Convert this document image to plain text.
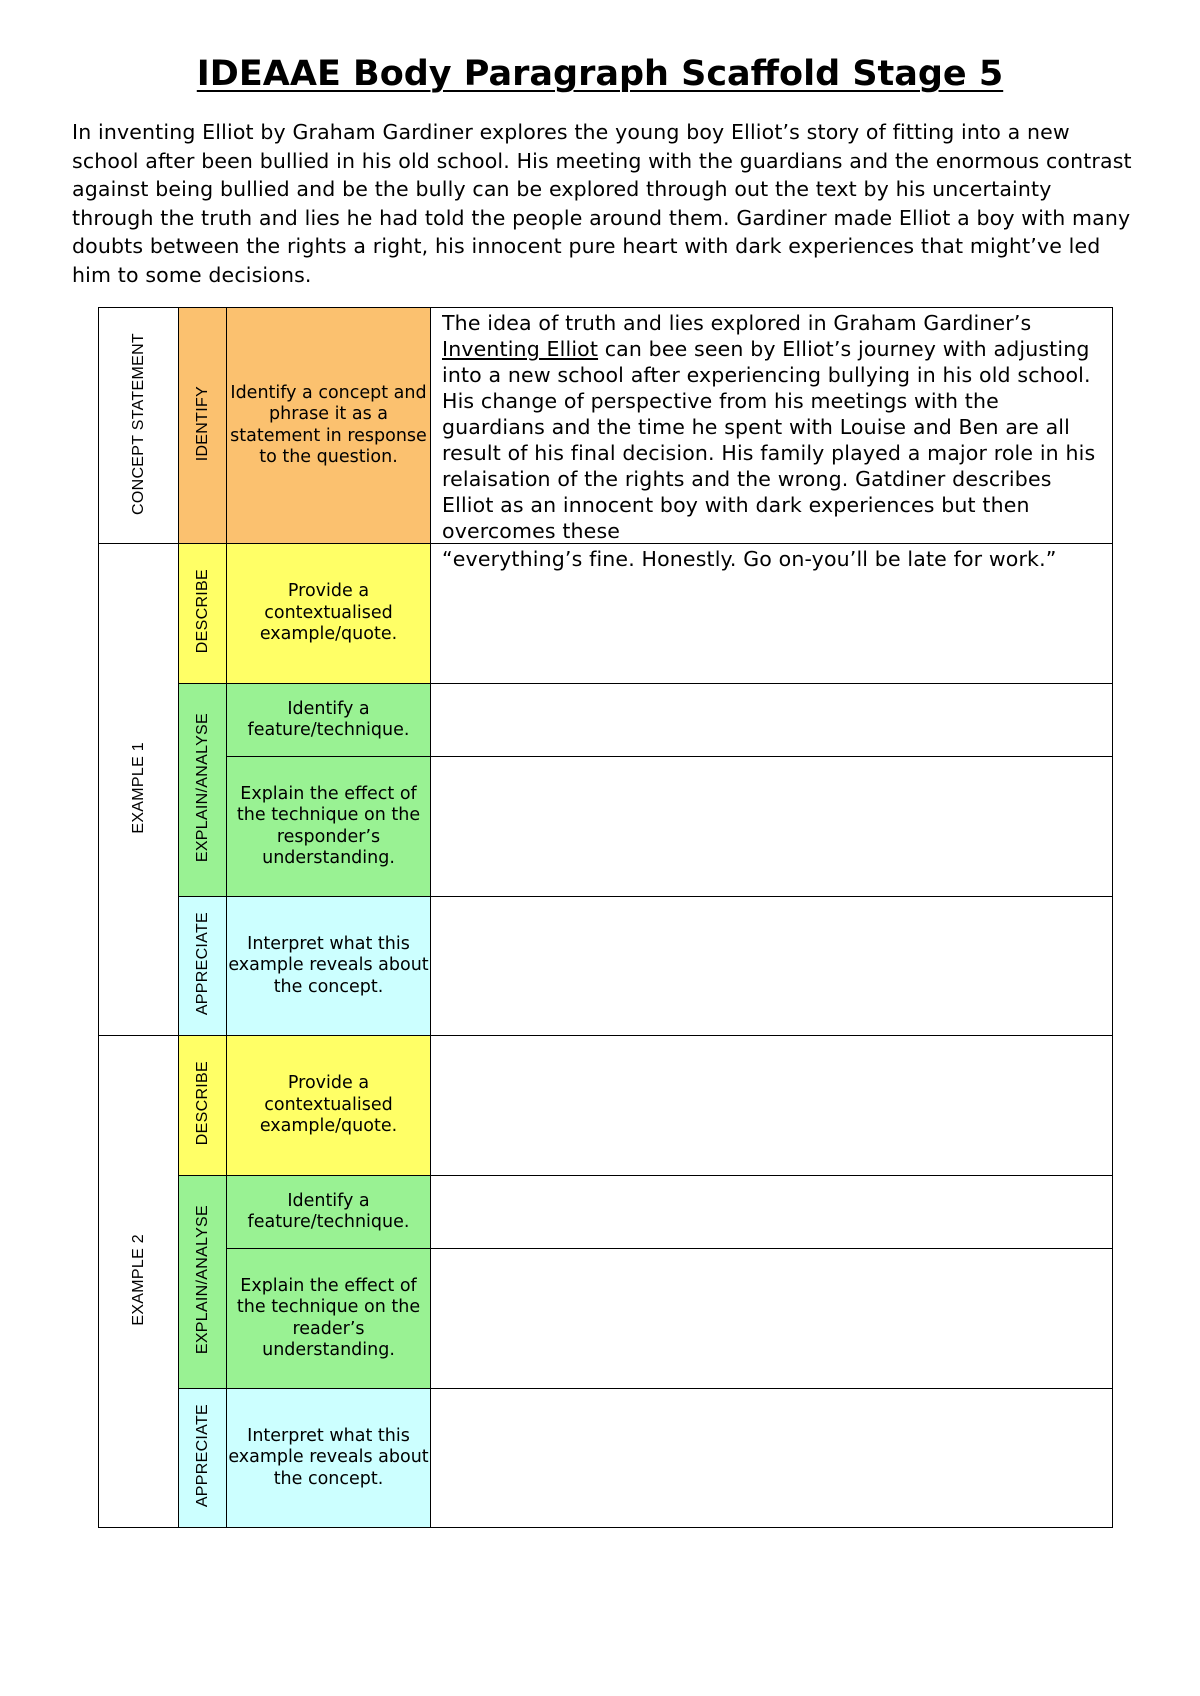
IDEAAE Body Paragraph Scaffold Stage 5

In inventing Elliot by Graham Gardiner explores the young boy Elliot’s story of fitting into a new school after been bullied in his old school. His meeting with the guardians and the enormous contrast against being bullied and be the bully can be explored through out the text by his uncertainty through the truth and lies he had told the people around them. Gardiner made Elliot a boy with many doubts between the rights a right, his innocent pure heart with dark experiences that might’ve led him to some decisions.

CONCEPT STATEMENT	IDENTIFY	Identify a concept and phrase it as a statement in response to the question.	The idea of truth and lies explored in Graham Gardiner’s Inventing Elliot can bee seen by Elliot’s journey with adjusting into a new school after experiencing bullying in his old school. His change of perspective from his meetings with the guardians and the time he spent with Louise and Ben are all result of his final decision. His family played a major role in his relaisation of the rights and the wrong. Gatdiner describes Elliot as an innocent boy with dark experiences but then overcomes these

EXAMPLE 1	DESCRIBE	Provide a contextualised example/quote.	“everything’s fine. Honestly. Go on-you’ll be late for work.”
	EXPLAIN/ANALYSE	Identify a feature/technique.	
		Explain the effect of the technique on the responder’s understanding.	
	APPRECIATE	Interpret what this example reveals about the concept.	
EXAMPLE 2	DESCRIBE	Provide a contextualised example/quote.	
	EXPLAIN/ANALYSE	Identify a feature/technique.	
		Explain the effect of the technique on the reader’s understanding.	
	APPRECIATE	Interpret what this example reveals about the concept.	
